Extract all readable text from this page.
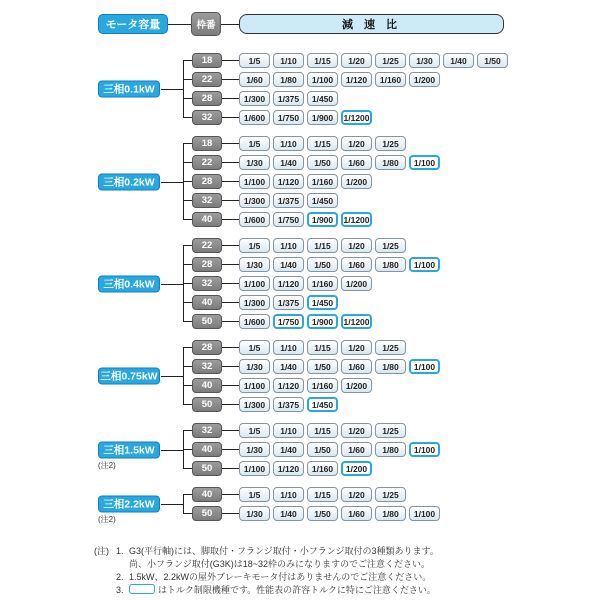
モータ容量	枠番	減 速 比
三相0.1kW
18	1/5	1/10	1/15	1/20	1/25	1/30	1/40	1/50
22	1/60	1/80	1/100	1/120	1/160	1/200
28	1/300	1/375	1/450
32	1/600	1/750	1/900	1/1200
三相0.2kW
18	1/5	1/10	1/15	1/20	1/25
22	1/30	1/40	1/50	1/60	1/80	1/100
28	1/100	1/120	1/160	1/200
32	1/300	1/375	1/450
40	1/600	1/750	1/900	1/1200
三相0.4kW
22	1/5	1/10	1/15	1/20	1/25
28	1/30	1/40	1/50	1/60	1/80	1/100
32	1/100	1/120	1/160	1/200
40	1/300	1/375	1/450
50	1/600	1/750	1/900	1/1200
三相0.75kW
28	1/5	1/10	1/15	1/20	1/25
32	1/30	1/40	1/50	1/60	1/80	1/100
40	1/100	1/120	1/160	1/200
50	1/300	1/375	1/450
三相1.5kW
(注2)
32	1/5	1/10	1/15	1/20	1/25
40	1/30	1/40	1/50	1/60	1/80	1/100
50	1/100	1/120	1/160	1/200
三相2.2kW
(注2)
40	1/5	1/10	1/15	1/20	1/25
50	1/30	1/40	1/50	1/60	1/80	1/100
(注) 1. G3(平行軸)には、脚取付・フランジ取付・小フランジ取付の3種類あります。
尚、小フランジ取付(G3K)は18~32枠のみになりますのでご注意ください。
2. 1.5kW、2.2kWの屋外ブレーキモータ付はありませんのでご注意ください。
3.	はトルク制限機種です。性能表の許容トルクに特にご注意ください。
